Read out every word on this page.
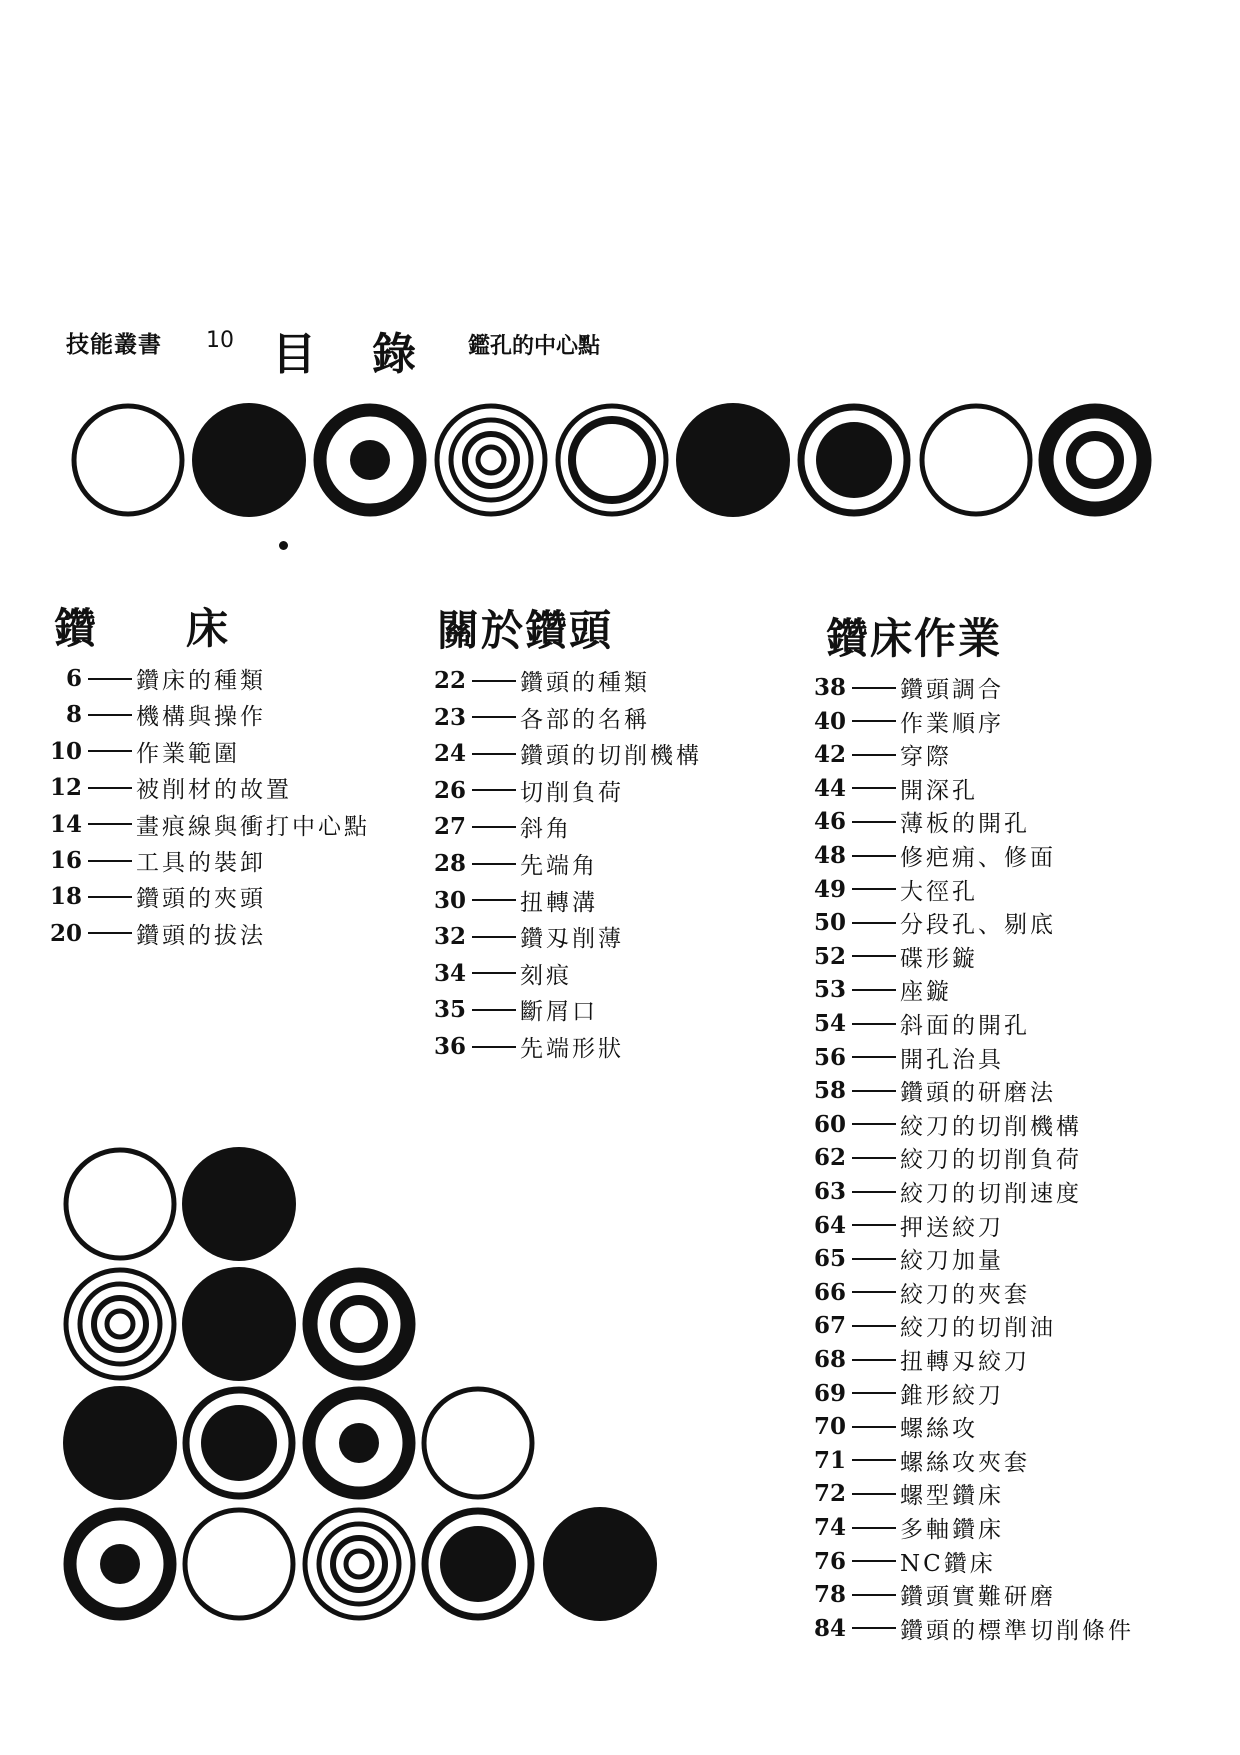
技能叢書 10 目 錄 鑑孔的中心點
鑽　　床	關於鑽頭	鑽床作業
6 鑽床的種類
8 機構與操作
10 作業範圍
12 被削材的故置
14 畫痕線與衝打中心點
16 工具的裝卸
18 鑽頭的夾頭
20 鑽頭的拔法
22 鑽頭的種類
23 各部的名稱
24 鑽頭的切削機構
26 切削負荷
27 斜角
28 先端角
30 扭轉溝
32 鑽刄削薄
34 刻痕
35 斷屑口
36 先端形狀
38 鑽頭調合
40 作業順序
42 穿際
44 開深孔
46 薄板的開孔
48 修疤痈、修面
49 大徑孔
50 分段孔、剔底
52 碟形鏇
53 座鏇
54 斜面的開孔
56 開孔治具
58 鑽頭的研磨法
60 絞刀的切削機構
62 絞刀的切削負荷
63 絞刀的切削速度
64 押送絞刀
65 絞刀加量
66 絞刀的夾套
67 絞刀的切削油
68 扭轉刄絞刀
69 錐形絞刀
70 螺絲攻
71 螺絲攻夾套
72 螺型鑽床
74 多軸鑽床
76 NC鑽床
78 鑽頭實難研磨
84 鑽頭的標準切削條件
